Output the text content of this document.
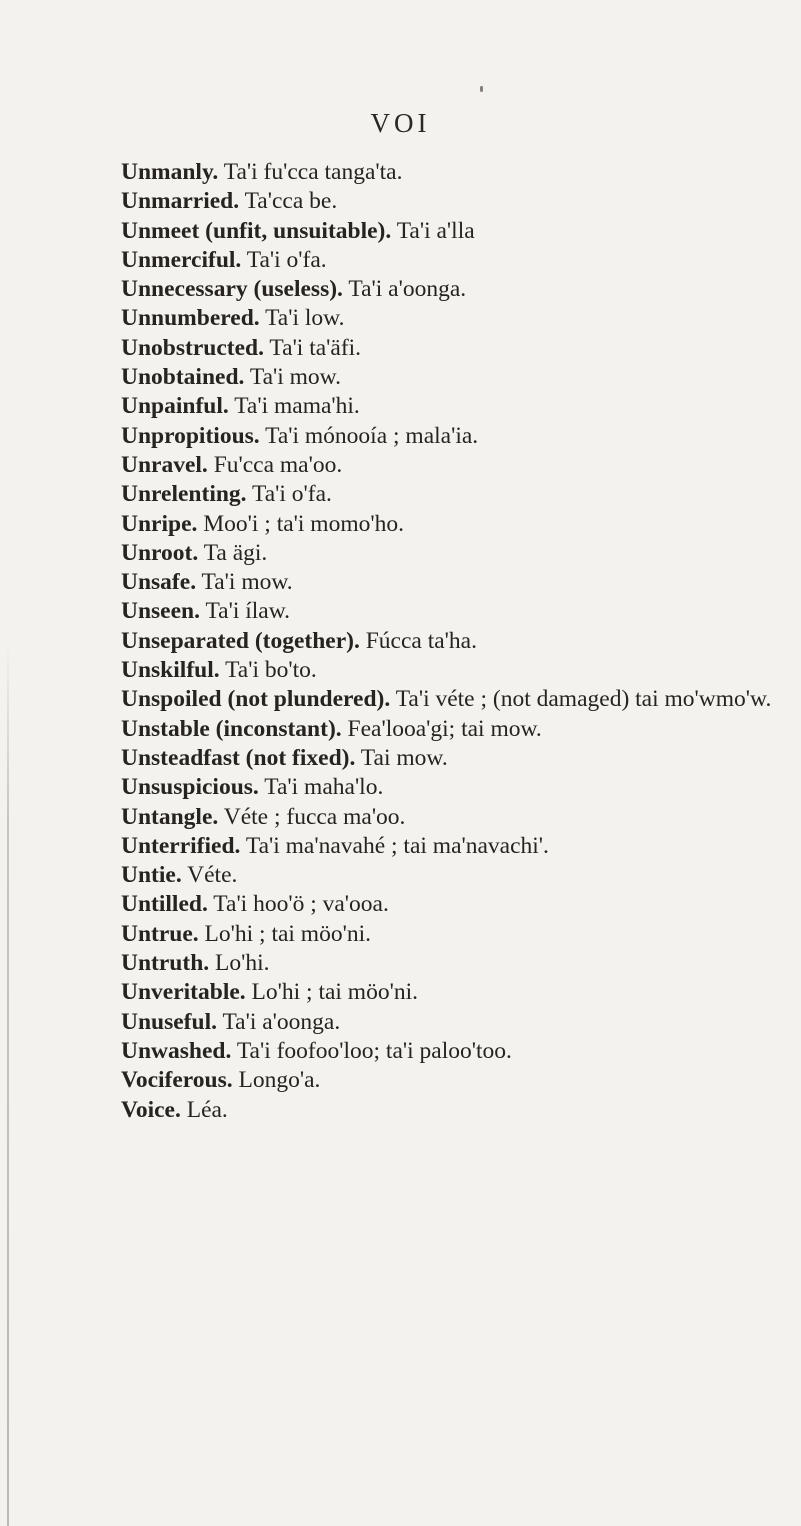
VOI
Unmanly. Ta'i fu'cca tanga'ta.
Unmarried. Ta'cca be.
Unmeet (unfit, unsuitable). Ta'i a'lla
Unmerciful. Ta'i o'fa.
Unnecessary (useless). Ta'i a'oonga.
Unnumbered. Ta'i low.
Unobstructed. Ta'i ta'äfi.
Unobtained. Ta'i mow.
Unpainful. Ta'i mama'hi.
Unpropitious. Ta'i mónooía ; mala'ia.
Unravel. Fu'cca ma'oo.
Unrelenting. Ta'i o'fa.
Unripe. Moo'i ; ta'i momo'ho.
Unroot. Ta ägi.
Unsafe. Ta'i mow.
Unseen. Ta'i ílaw.
Unseparated (together). Fúcca ta'ha.
Unskilful. Ta'i bo'to.
Unspoiled (not plundered). Ta'i véte ; (not damaged) tai mo'wmo'w.
Unstable (inconstant). Fea'looa'gi; tai mow.
Unsteadfast (not fixed). Tai mow.
Unsuspicious. Ta'i maha'lo.
Untangle. Véte ; fucca ma'oo.
Unterrified. Ta'i ma'navahé ; tai ma'navachi'.
Untie. Véte.
Untilled. Ta'i hoo'ö ; va'ooa.
Untrue. Lo'hi ; tai möo'ni.
Untruth. Lo'hi.
Unveritable. Lo'hi ; tai möo'ni.
Unuseful. Ta'i a'oonga.
Unwashed. Ta'i foofoo'loo; ta'i paloo'too.
Vociferous. Longo'a.
Voice. Léa.
